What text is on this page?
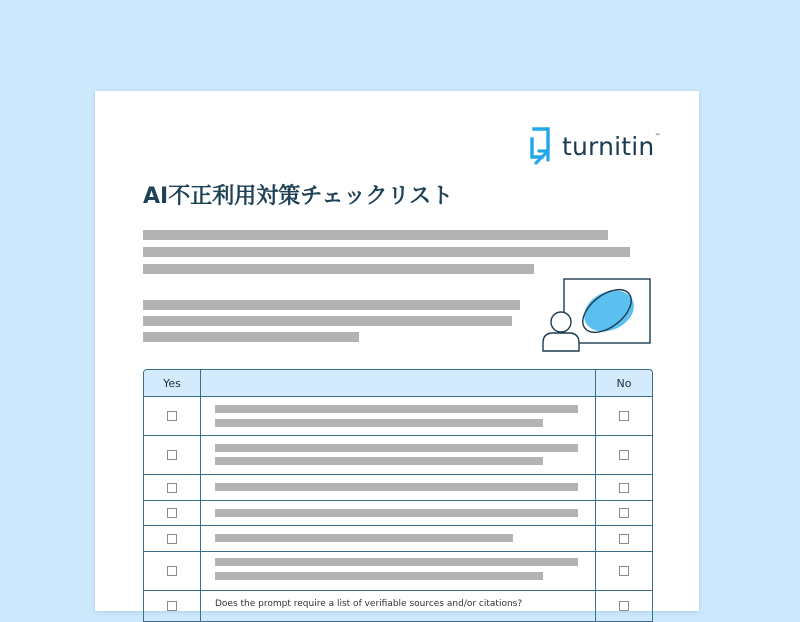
turnitin™
AI不正利用対策チェックリスト
Yes	No
Does the prompt require a list of verifiable sources and/or citations?
